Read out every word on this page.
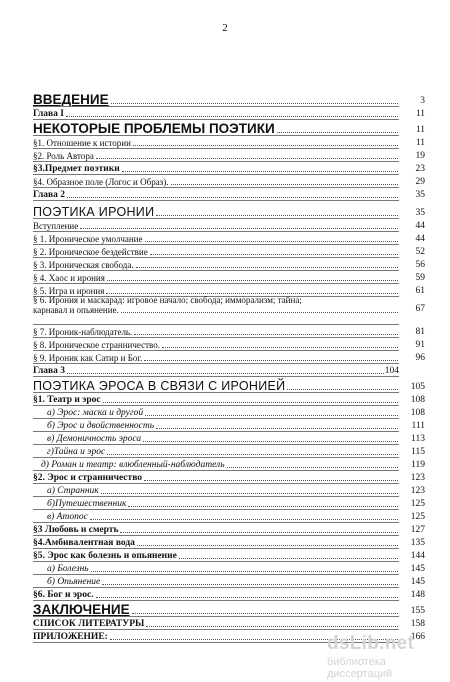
2
ВВЕДЕНИЕ	3
Глава I	11
НЕКОТОРЫЕ ПРОБЛЕМЫ ПОЭТИКИ	11
§1. Отношение к истории	11
§2. Роль Автора	19
§3.Предмет поэтики	23
§4. Образное поле (Логос и Образ).	29
Глава 2	35
ПОЭТИКА ИРОНИИ	35
Вступление	44
§ 1. Ироническое умолчание	44
§ 2. Ироническое бездействие	52
§ 3. Ироническая свобода.	56
§ 4. Хаос и ирония	59
§ 5. Игра и ирония	61
§ 6. Ирония и маскарад: игровое начало; свобода; имморализм; тайна;
карнавал и опьянение.	67
§ 7. Ироник-наблюдатель.	81
§ 8. Ироническое странничество.	91
§ 9. Ироник как Сатир и Бог.	96
Глава 3	104
ПОЭТИКА ЭРОСА В СВЯЗИ С ИРОНИЕЙ	105
§1. Театр и эрос	108
а) Эрос: маска и другой	108
б) Эрос и двойственность	111
в) Демоничность эроса	113
г)Тайна и эрос	115
д) Роман и театр: влюбленный-наблюдатель	119
§2. Эрос и странничество	123
а) Странник	123
б)Путешественник	125
в) Атопос	125
§3 Любовь и смерть	127
§4.Амбивалентная вода	135
§5. Эрос как болезнь и опьянение	144
а) Болезнь	145
б) Опьянение	145
§6. Бог и эрос.	148
ЗАКЛЮЧЕНИЕ	155
СПИСОК ЛИТЕРАТУРЫ	158
ПРИЛОЖЕНИЕ:	166
dsLib.net
библиотека диссертаций
